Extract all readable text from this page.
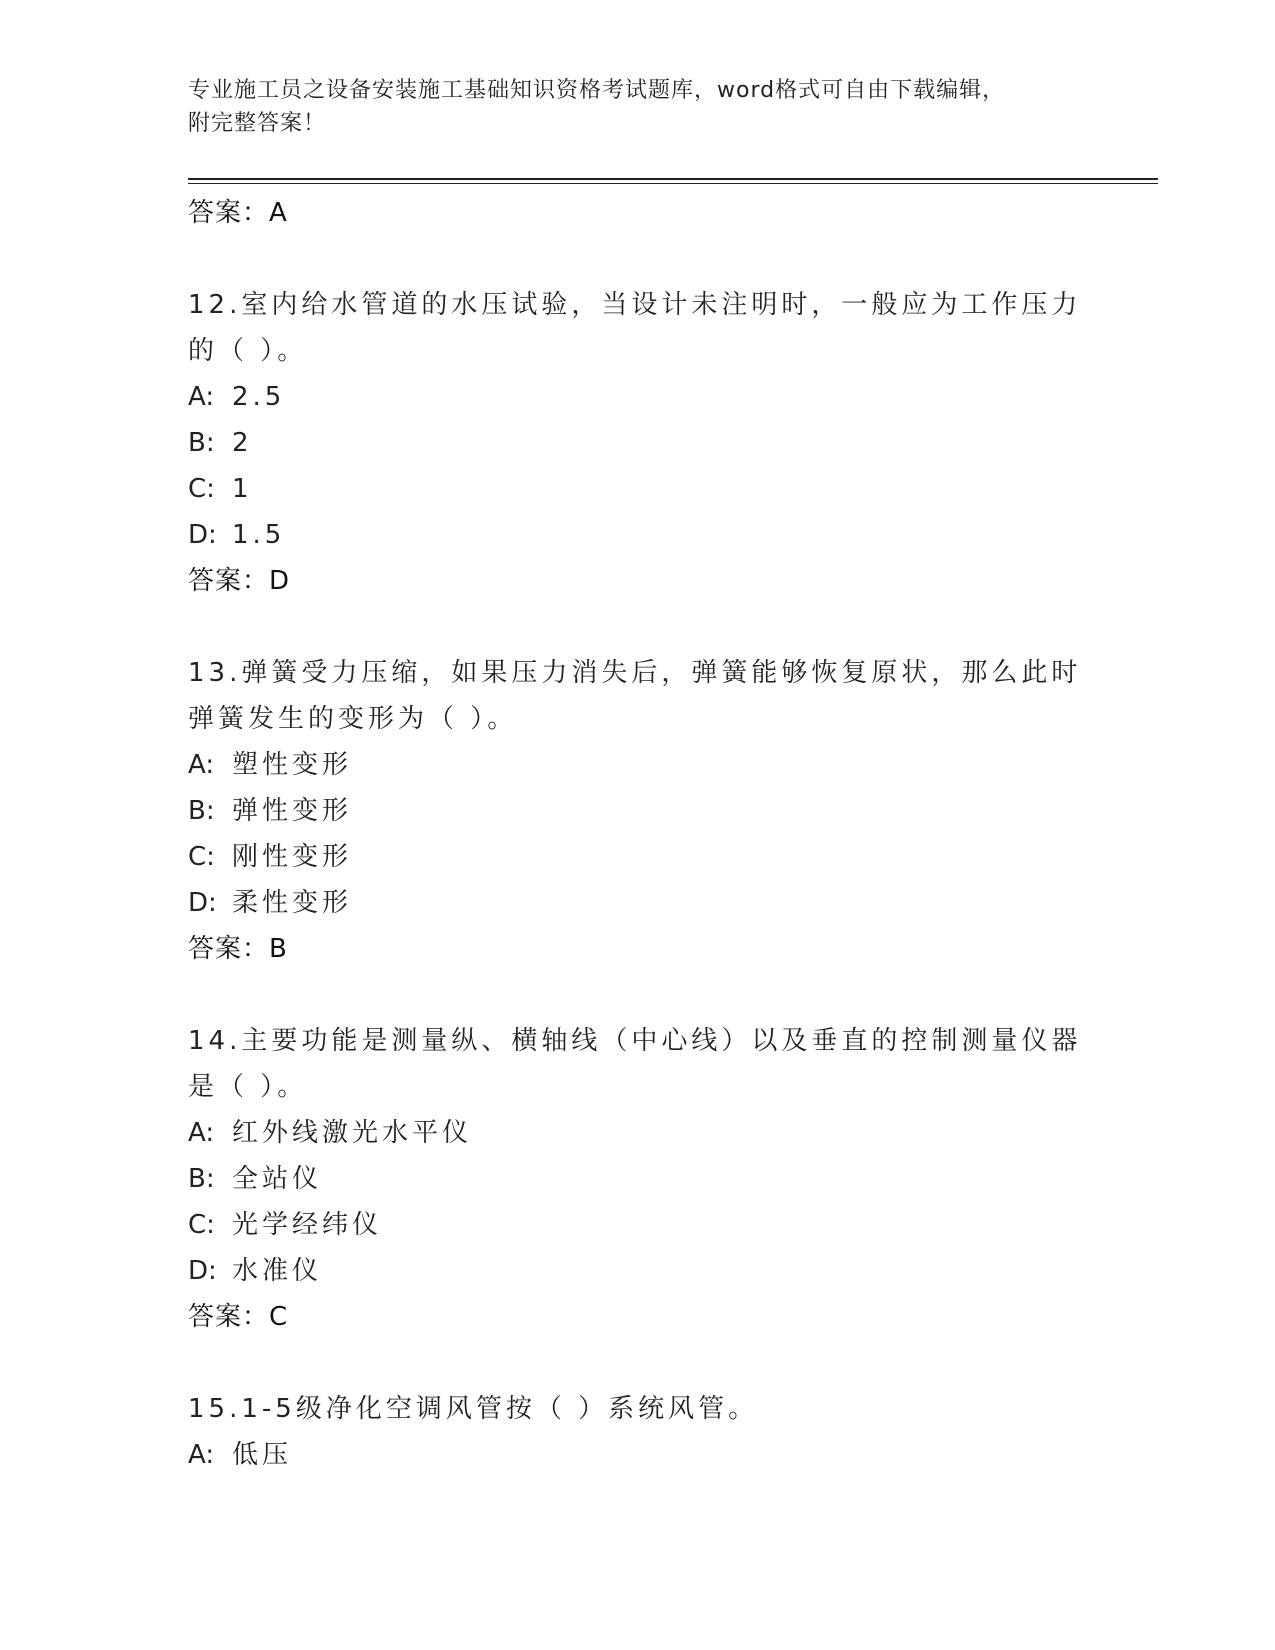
专业施工员之设备安装施工基础知识资格考试题库，word格式可自由下载编辑，
附完整答案！
答案：A
12.室内给水管道的水压试验，当设计未注明时，一般应为工作压力的（ ）。
A: 2.5
B: 2
C: 1
D: 1.5
答案：D
13.弹簧受力压缩，如果压力消失后，弹簧能够恢复原状，那么此时弹簧发生的变形为（ ）。
A: 塑性变形
B: 弹性变形
C: 刚性变形
D: 柔性变形
答案：B
14.主要功能是测量纵、横轴线（中心线）以及垂直的控制测量仪器是（ ）。
A: 红外线激光水平仪
B: 全站仪
C: 光学经纬仪
D: 水准仪
答案：C
15.1-5级净化空调风管按（ ）系统风管。
A: 低压
